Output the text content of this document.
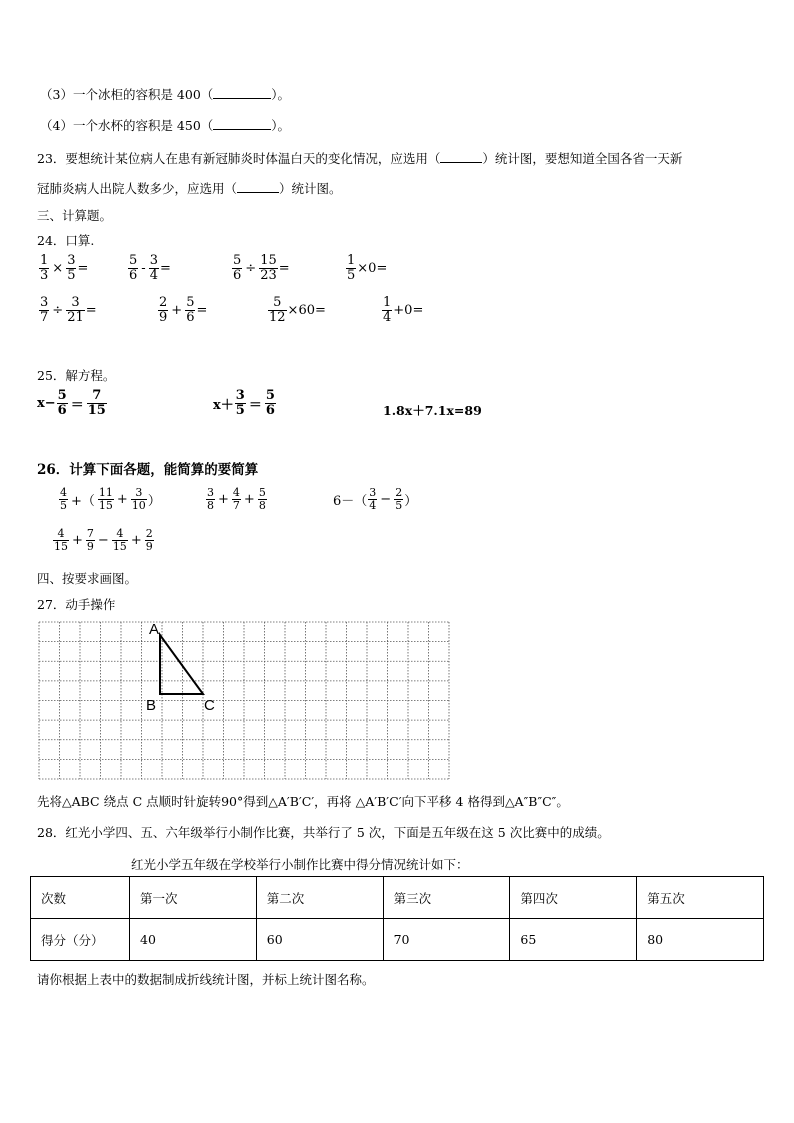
（3）一个冰柜的容积是 400（	）。
（4）一个水杯的容积是 450（	）。
23．要想统计某位病人在患有新冠肺炎时体温白天的变化情况，应选用（	）统计图，要想知道全国各省一天新
冠肺炎病人出院人数多少，应选用（	）统计图。
三、计算题。
24．口算.
$\frac{1}{3} \times \frac{3}{5}$ =	$\frac{5}{6} - \frac{3}{4}$ =	$\frac{5}{6} \div \frac{15}{23}$ =	$\frac{1}{5} \times 0=$
$\frac{3}{7} \div \frac{3}{21}$ =	$\frac{2}{9} + \frac{5}{6}$ =	$\frac{5}{12} \times 60=$	$\frac{1}{4} +0=$
25．解方程。
$x- \frac{5}{6} = \frac{7}{15}$	$x+ \frac{3}{5} = \frac{5}{6}$	1.8x＋7.1x=89
26．计算下面各题，能简算的要简算
$\frac{4}{5}$ +（ $\frac{11}{15} + \frac{3}{10}$ ）	$\frac{3}{8} + \frac{4}{7} + \frac{5}{8}$	$6-( \frac{3}{4} - \frac{2}{5}$ ）
$\frac{4}{15} + \frac{7}{9} - \frac{4}{15} + \frac{2}{9}$
四、按要求画图。
27．动手操作
A
B	C
先将△ABC 绕点 C 点顺时针旋转90°得到△A′B′C′，再将 △A′B′C′向下平移 4 格得到△A″B″C″。
28．红光小学四、五、六年级举行小制作比赛，共举行了 5 次，下面是五年级在这 5 次比赛中的成绩。
红光小学五年级在学校举行小制作比赛中得分情况统计如下：
次数	第一次	第二次	第三次	第四次	第五次
得分（分）	40	60	70	65	80
请你根据上表中的数据制成折线统计图，并标上统计图名称。
